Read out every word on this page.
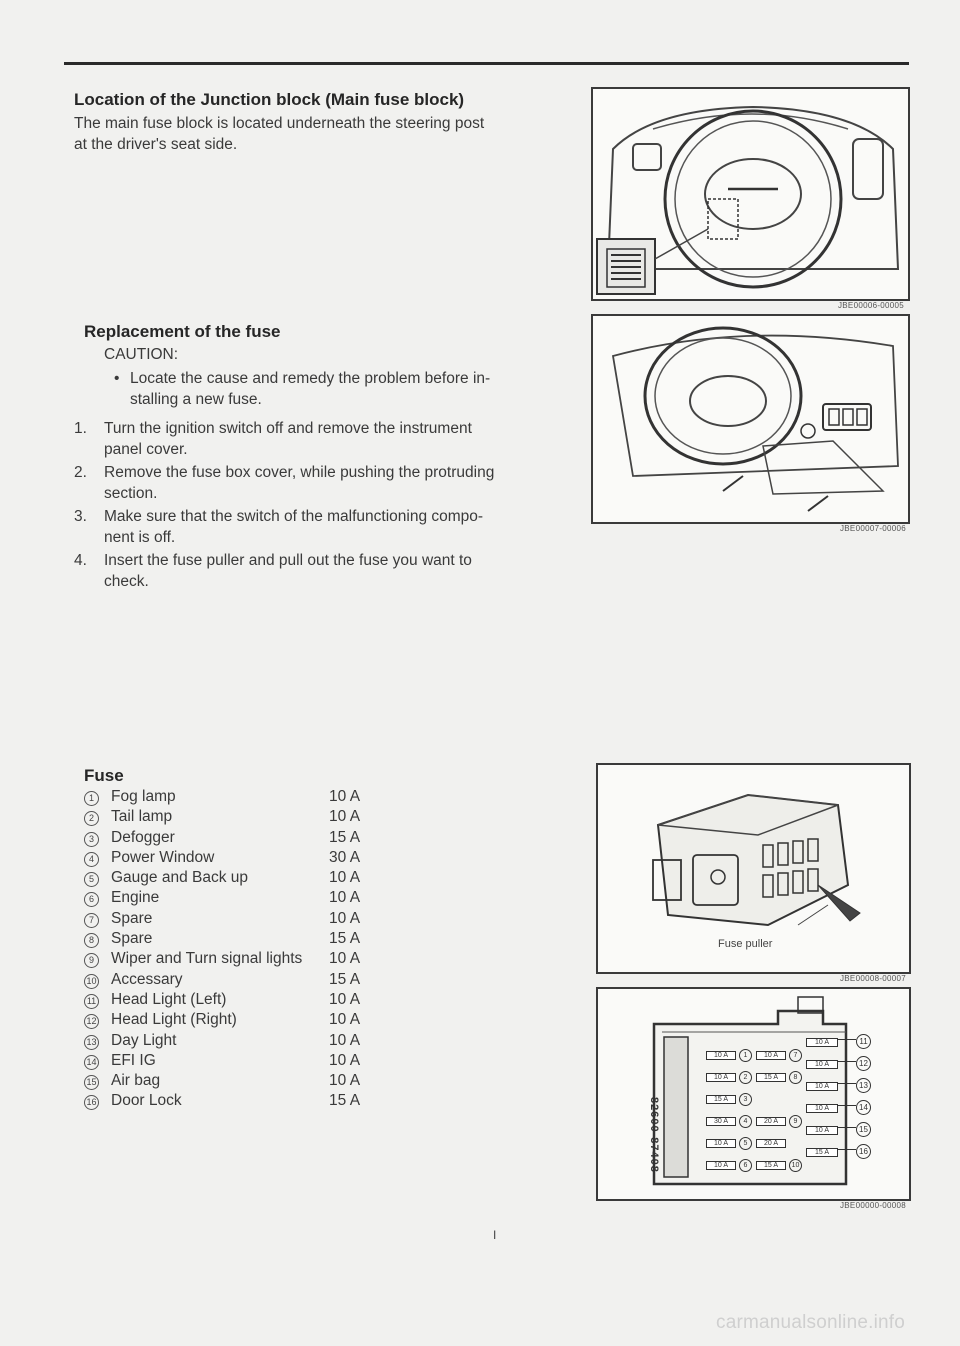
Location of the Junction block (Main fuse block)

The main fuse block is located underneath the steering post

at the driver's seat side.

Replacement of the fuse
CAUTION:
• Locate the cause and remedy the problem before in-
stalling a new fuse.
1. Turn the ignition switch off and remove the instrument
panel cover.
2. Remove the fuse box cover, while pushing the protruding
section.
3. Make sure that the switch of the malfunctioning compo-
nent is off.
4. Insert the fuse puller and pull out the fuse you want to
check.
Fuse
1	Fog lamp	10 A
2	Tail lamp	10 A
3	Defogger	15 A
4	Power Window	30 A
5	Gauge and Back up	10 A
6	Engine	10 A
7	Spare	10 A
8	Spare	15 A
9	Wiper and Turn signal lights 10 A
10 Accessary	15 A
11 Head Light (Left)	10 A
12 Head Light (Right)	10 A
13 Day Light	10 A
14 EFI IG	10 A
15 Air bag	10 A
16 Door Lock	15 A
JBE00006-00005
JBE00007-00006
Fuse puller
JBE00008-00007
82600-87408
10 A 1
10 A 2
15 A 3
30 A 4
10 A 5
10 A 6
10 A 7
15 A 8
20 A 9
20 A
15 A 10
10 A	11
10 A	12
10 A	13
10 A	14
10 A	15
15 A	16
JBE00000-00008
I
carmanualsonline.info
